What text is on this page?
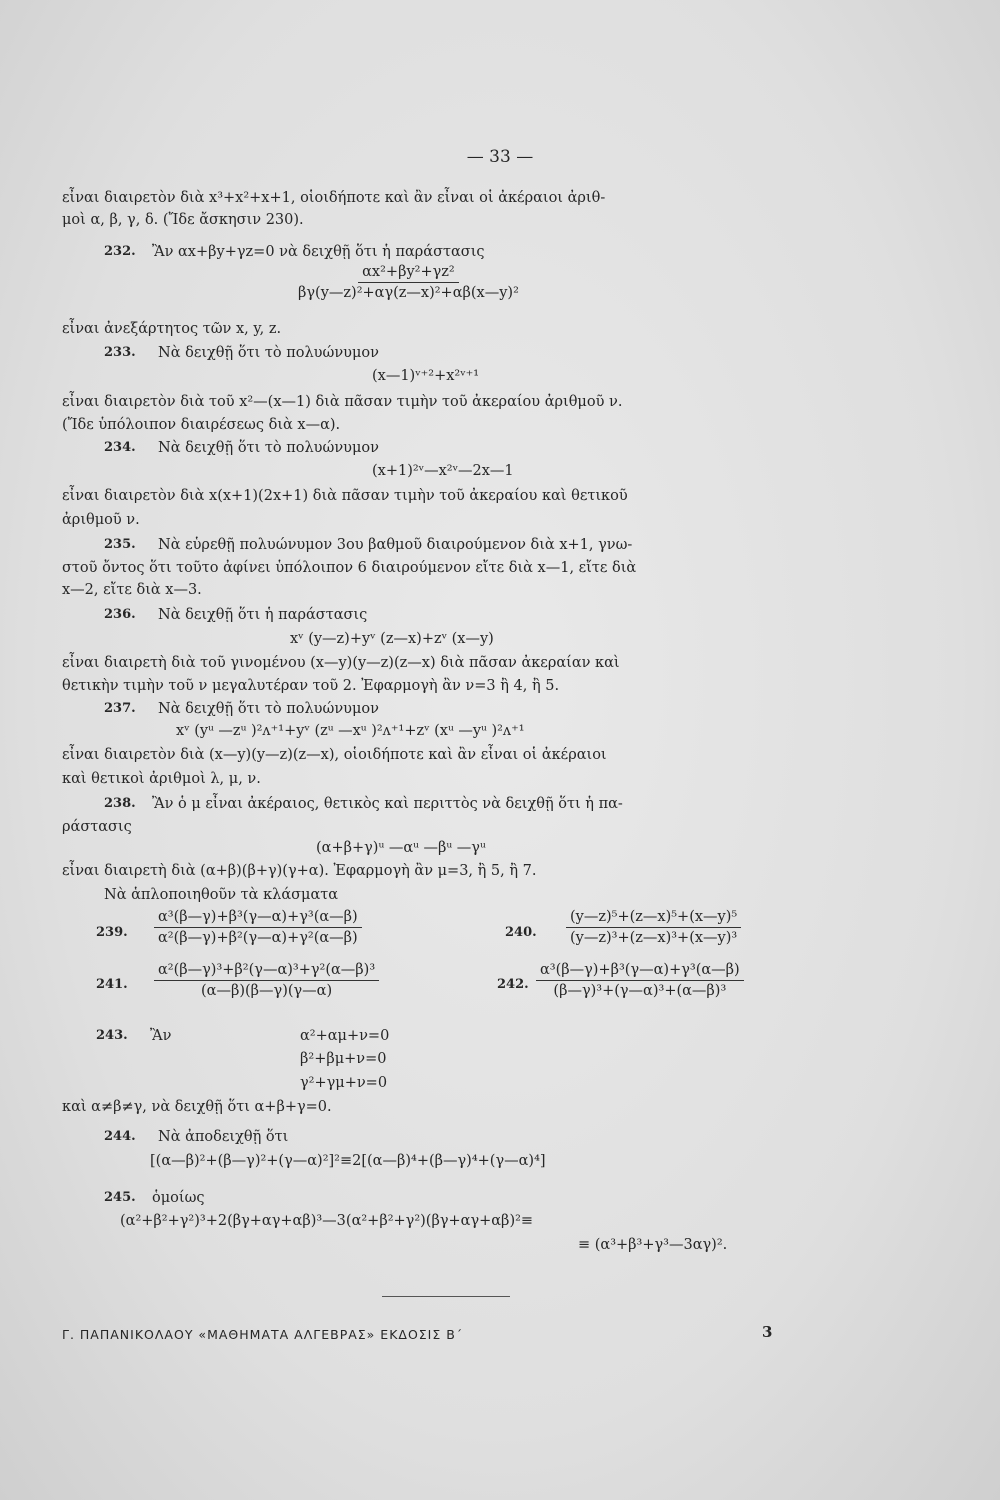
— 33 —
εἶναι διαιρετὸν διὰ x³+x²+x+1, οἱοιδήποτε καὶ ἂν εἶναι οἱ ἀκέραιοι ἀριθ-
μοὶ α, β, γ, δ. (Ἴδε ἄσκησιν 230).
232. Ἂν αx+βy+γz=0 νὰ δειχθῇ ὅτι ἡ παράστασις
$\frac{\text{αx²+βy²+γz²}}{\text{βγ(y—z)²+αγ(z—x)²+αβ(x—y)²}}$
εἶναι ἀνεξάρτητος τῶν x, y, z.
233. Νὰ δειχθῇ ὅτι τὸ πολυώνυμον
(x—1)ᵛ⁺²+x²ᵛ⁺¹
εἶναι διαιρετὸν διὰ τοῦ x²—(x—1) διὰ πᾶσαν τιμὴν τοῦ ἀκεραίου ἀριθμοῦ ν.
(Ἴδε ὑπόλοιπον διαιρέσεως διὰ x—α).
234. Νὰ δειχθῇ ὅτι τὸ πολυώνυμον
(x+1)²ᵛ—x²ᵛ—2x—1
εἶναι διαιρετὸν διὰ x(x+1)(2x+1) διὰ πᾶσαν τιμὴν τοῦ ἀκεραίου καὶ θετικοῦ
ἀριθμοῦ ν.
235. Νὰ εὑρεθῇ πολυώνυμον 3ου βαθμοῦ διαιρούμενον διὰ x+1, γνω-
στοῦ ὄντος ὅτι τοῦτο ἀφίνει ὑπόλοιπον 6 διαιρούμενον εἴτε διὰ x—1, εἴτε διὰ
x—2, εἴτε διὰ x—3.
236. Νὰ δειχθῇ ὅτι ἡ παράστασις
xᵛ (y—z)+yᵛ (z—x)+zᵛ (x—y)
εἶναι διαιρετὴ διὰ τοῦ γινομένου (x—y)(y—z)(z—x) διὰ πᾶσαν ἀκεραίαν καὶ
θετικὴν τιμὴν τοῦ ν μεγαλυτέραν τοῦ 2. Ἐφαρμογὴ ἂν ν=3 ἢ 4, ἢ 5.
237. Νὰ δειχθῇ ὅτι τὸ πολυώνυμον
xᵛ (yᵘ —zᵘ )²ᴧ⁺¹+yᵛ (zᵘ —xᵘ )²ᴧ⁺¹+zᵛ (xᵘ —yᵘ )²ᴧ⁺¹
εἶναι διαιρετὸν διὰ (x—y)(y—z)(z—x), οἱοιδήποτε καὶ ἂν εἶναι οἱ ἀκέραιοι
καὶ θετικοὶ ἀριθμοὶ λ, μ, ν.
238. Ἂν ὁ μ εἶναι ἀκέραιος, θετικὸς καὶ περιττὸς νὰ δειχθῇ ὅτι ἡ πα-
ράστασις
(α+β+γ)ᵘ —αᵘ —βᵘ —γᵘ
εἶναι διαιρετὴ διὰ (α+β)(β+γ)(γ+α). Ἐφαρμογὴ ἂν μ=3, ἢ 5, ἢ 7.
Νὰ ἁπλοποιηθοῦν τὰ κλάσματα
239. $\frac{\text{α³(β—γ)+β³(γ—α)+γ³(α—β)}}{\text{α²(β—γ)+β²(γ—α)+γ²(α—β)}}$	240. $\frac{\text{(y—z)⁵+(z—x)⁵+(x—y)⁵}}{\text{(y—z)³+(z—x)³+(x—y)³}}$
241. $\frac{\text{α²(β—γ)³+β²(γ—α)³+γ²(α—β)³}}{(\alpha—\beta)(\beta—\gamma)(\gamma—\alpha)}$	242. $\frac{\text{α³(β—γ)+β³(γ—α)+γ³(α—β)}}{\text{(β—γ)³+(γ—α)³+(α—β)³}}$
243. Ἂν	α²+αμ+ν=0
β²+βμ+ν=0
γ²+γμ+ν=0
καὶ α≠β≠γ, νὰ δειχθῇ ὅτι α+β+γ=0.
244. Νὰ ἀποδειχθῇ ὅτι
[(α—β)²+(β—γ)²+(γ—α)²]²≡2[(α—β)⁴+(β—γ)⁴+(γ—α)⁴]
245. ὁμοίως
(α²+β²+γ²)³+2(βγ+αγ+αβ)³—3(α²+β²+γ²)(βγ+αγ+αβ)²≡
≡ (α³+β³+γ³—3αγ)².
Γ. ΠΑΠΑΝΙΚΟΛΑΟΥ «ΜΑΘΗΜΑΤΑ ΑΛΓΕΒΡΑΣ» ΕΚΔΟΣΙΣ Β΄	3
